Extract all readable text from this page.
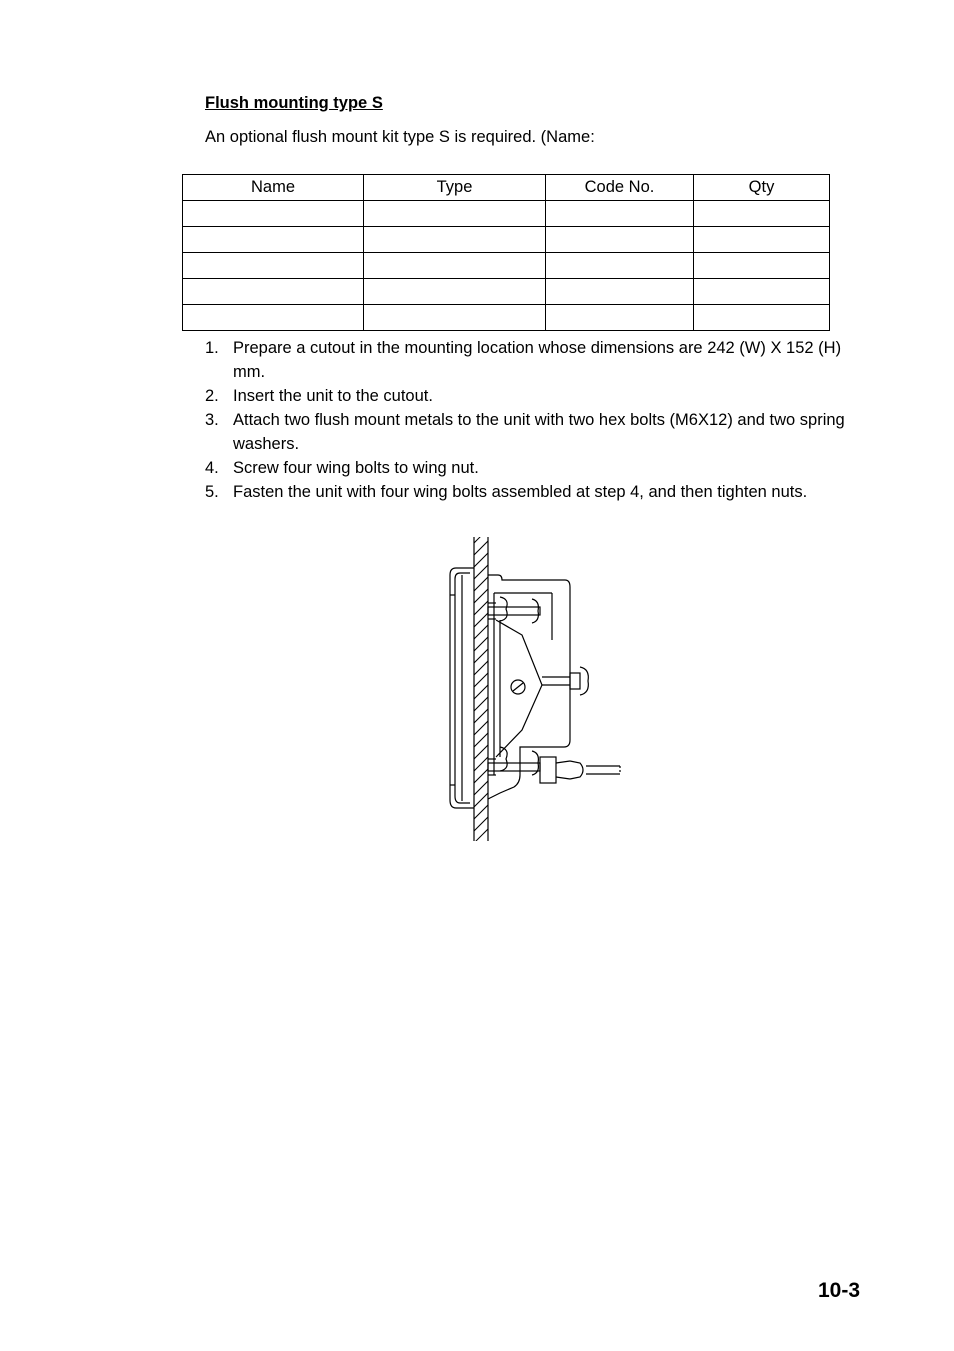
Flush mounting type S
An optional flush mount kit type S is required. (Name:
Name	Type	Code No.	Qty

1. Prepare a cutout in the mounting location whose dimensions are 242 (W) X 152 (H) mm.
2. Insert the unit to the cutout.
3. Attach two flush mount metals to the unit with two hex bolts (M6X12) and two spring washers.
4. Screw four wing bolts to wing nut.
5. Fasten the unit with four wing bolts assembled at step 4, and then tighten nuts.
10-3
